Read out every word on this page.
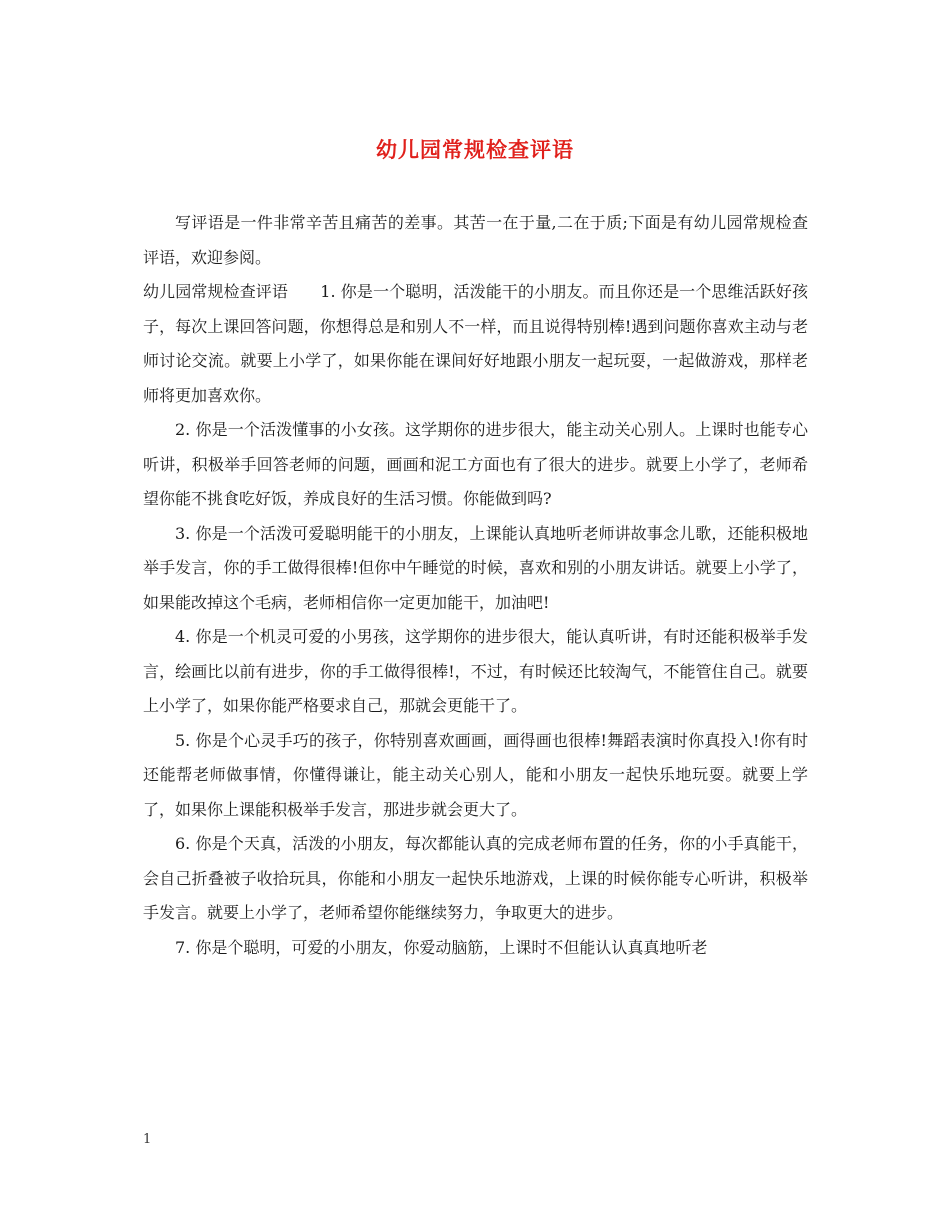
幼儿园常规检查评语

写评语是一件非常辛苦且痛苦的差事。其苦一在于量,二在于质;下面是有幼儿园常规检查评语，欢迎参阅。

幼儿园常规检查评语　　1. 你是一个聪明，活泼能干的小朋友。而且你还是一个思维活跃好孩子，每次上课回答问题，你想得总是和别人不一样，而且说得特别棒!遇到问题你喜欢主动与老师讨论交流。就要上小学了，如果你能在课间好好地跟小朋友一起玩耍，一起做游戏，那样老师将更加喜欢你。

2. 你是一个活泼懂事的小女孩。这学期你的进步很大，能主动关心别人。上课时也能专心听讲，积极举手回答老师的问题，画画和泥工方面也有了很大的进步。就要上小学了，老师希望你能不挑食吃好饭，养成良好的生活习惯。你能做到吗?

3. 你是一个活泼可爱聪明能干的小朋友，上课能认真地听老师讲故事念儿歌，还能积极地举手发言，你的手工做得很棒!但你中午睡觉的时候，喜欢和别的小朋友讲话。就要上小学了，如果能改掉这个毛病，老师相信你一定更加能干，加油吧!

4. 你是一个机灵可爱的小男孩，这学期你的进步很大，能认真听讲，有时还能积极举手发言，绘画比以前有进步，你的手工做得很棒!，不过，有时候还比较淘气，不能管住自己。就要上小学了，如果你能严格要求自己，那就会更能干了。

5. 你是个心灵手巧的孩子，你特别喜欢画画，画得画也很棒!舞蹈表演时你真投入!你有时还能帮老师做事情，你懂得谦让，能主动关心别人，能和小朋友一起快乐地玩耍。就要上学了，如果你上课能积极举手发言，那进步就会更大了。

6. 你是个天真，活泼的小朋友，每次都能认真的完成老师布置的任务，你的小手真能干，会自己折叠被子收拾玩具，你能和小朋友一起快乐地游戏，上课的时候你能专心听讲，积极举手发言。就要上小学了，老师希望你能继续努力，争取更大的进步。

7. 你是个聪明，可爱的小朋友，你爱动脑筋，上课时不但能认认真真地听老

1
